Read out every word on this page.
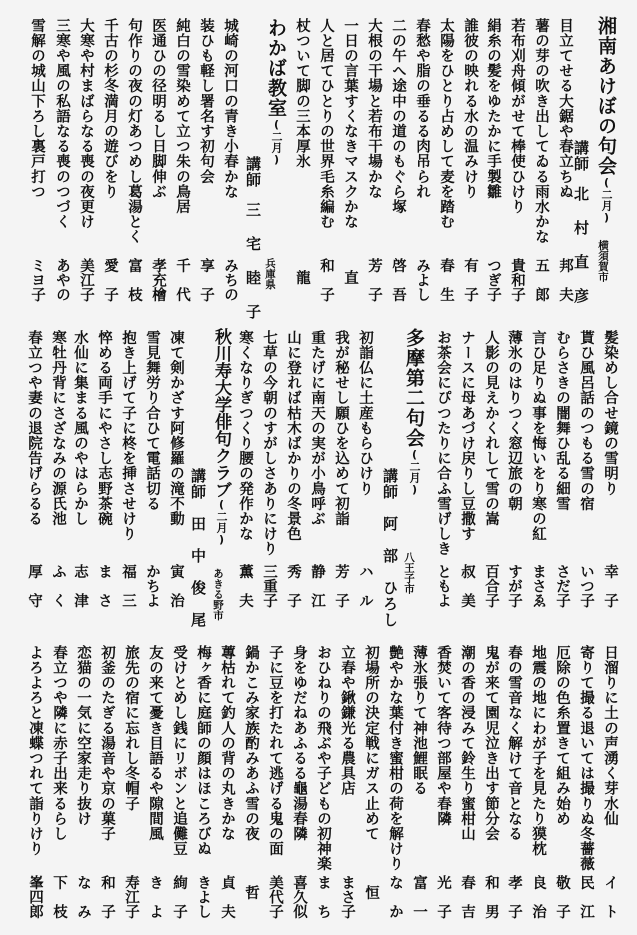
湘南あけぼの句会(二月)
講師
北　村　直　彦 横須賀市
目立てせる大鋸や春立ちぬ
邦　夫
薯の芽の吹き出してゐる雨水かな
五　郎
若布刈舟傾がせて棒使ひけり
貴和子
絹糸の髪をゆたかに手製雛
つぎ子
誰彼の映れる水の温みけり
有　子
太陽をひとり占めして麦を踏む
春　生
春愁や脂の垂るる肉吊られ
みよし
二の午へ途中の道のもぐら塚
啓　吾
大根の干場と若布干場かな
芳　子
一日の言葉すくなきマスクかな
直
人と居てひとりの世界毛糸編む
和　子
杖ついて脚の三本厚氷
龍
わかば教室(二月)
講師
三　宅　睦　子 兵庫県
城崎の河口の青き小春かな
みちの
装ひも軽し署名す初句会
享　子
純白の雪染めて立つ朱の鳥居
千　代
医通ひの径明るし日脚伸ぶ
孝充檜
句作りの夜の灯あつめし葛湯とく
富　枝
千古の杉冬満月の遊びをり
愛　子
大寒や村まばらなる喪の夜更け
美江子
三寒や風の私語なる喪のつづく
あやの
雪解の城山下ろし裏戸打つ
ミヨ子
髪染めし合せ鏡の雪明り
幸　子
貰ひ風呂話のつもる雪の宿
いつ子
むらさきの闇舞ひ乱る細雪
さだ子
言ひ足りぬ事を悔いをり寒の紅
まさゑ
薄氷のはりつく窓辺旅の朝
すが子
人影の見えかくれして雪の嵩
百合子
ナースに母あづけ戻りし豆撒す
叔　美
お茶会にぴつたりに合ふ雪げしき
ともよ
多摩第二句会(二月)
講師
阿　部　ひろし 八王子市
初詣仏に土産もらひけり
ハ　ル
我が秘せし願ひを込めて初詣
芳　子
重たげに南天の実が小鳥呼ぶ
静　江
山に登れば枯木ばかりの冬景色
秀　子
七草の今朝のすがしさありにけり
三重子
寒くなりぎつくり腰の発作かな
薫　夫
秋川寿大学俳句クラブ(二月)
あきる野市
講師
田　中　俊　尾
凍て剣かざす阿修羅の滝不動
寅　治
雪見舞労り合ひて電話切る
かちよ
抱き上げて子に柊を挿させけり
福　三
悴める両手にやさし志野茶碗
ま　さ
水仙に集まる風のやはらかし
志　津
寒牡丹背にさざなみの源氏池
ふ　く
春立つや妻の退院告げらるる
厚　守
日溜りに土の声湧く芽水仙
イ　ト
寄りて撮る退いては撮りぬ冬薔薇
民　江
厄除の色糸置きて組み始め
敬　子
地震の地にわが子を見たり獏枕
良　治
春の雪音なく解けて音となる
孝　子
鬼が来て園児泣き出す節分会
和　男
潮の香の浸みて鈴生り蜜柑山
春　吉
香焚いて客待つ部屋や春隣
光　子
薄氷張りて神池鯉眠る
富　一
艶やかな葉付き蜜柑の荷を解けり
な　か
初場所の決定戦にガス止めて
恒
立春や鍬鎌光る農具店
まさ子
おひねりの飛ぶや子どもの初神楽
ま　ち
身をゆだねあふるる龜湯春隣
喜久似
子に豆を打たれて逃げる鬼の面
美代子
鍋かこみ家族酌みあふ雪の夜
哲
蓴枯れて釣人の背の丸きかな
貞　夫
梅ヶ香に庭師の顔はほころびぬ
きよし
受けとめし銭にリボンと追儺豆
絢　子
友の来て憂き目語るや隙間風
き　よ
旅先の宿に忘れし冬帽子
寿江子
初釜のたぎる湯音や京の菓子
和　子
恋猫の一気に空家走り抜け
な　み
春立つや隣に赤子出来るらし
下　枝
よろよろと凍蝶つれて詣りけり
峯四郎
